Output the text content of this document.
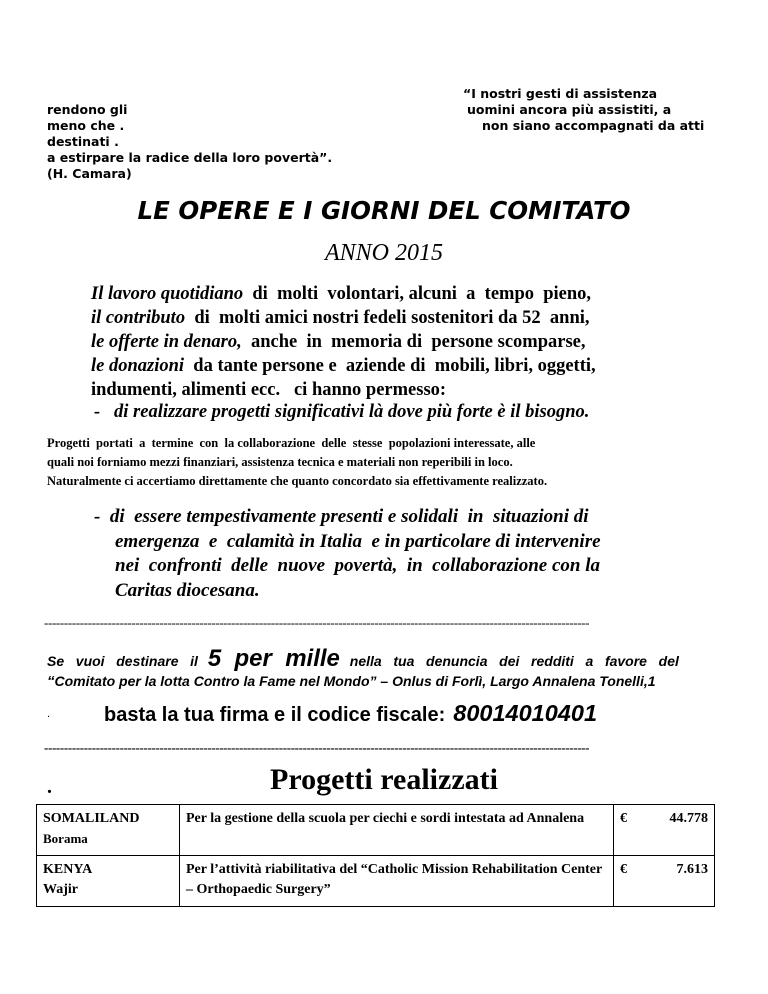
“I nostri gesti di assistenza
rendono gli	uomini ancora più assistiti, a
meno che .	non siano accompagnati da atti
destinati .
a estirpare la radice della loro povertà”.
(H. Camara)
LE OPERE E I GIORNI DEL COMITATO
ANNO 2015
Il lavoro quotidiano  di  molti  volontari, alcuni  a  tempo  pieno,
il contributo  di  molti amici nostri fedeli sostenitori da 52  anni,
le offerte in denaro,  anche  in  memoria di  persone scomparse,
le donazioni  da tante persone e  aziende di  mobili, libri, oggetti,
indumenti, alimenti ecc.   ci hanno permesso:
-   di realizzare progetti significativi là dove più forte è il bisogno.
Progetti  portati  a  termine  con  la collaborazione  delle  stesse  popolazioni interessate, alle
quali noi forniamo mezzi finanziari, assistenza tecnica e materiali non reperibili in loco.
Naturalmente ci accertiamo direttamente che quanto concordato sia effettivamente realizzato.
-  di  essere tempestivamente presenti e solidali  in  situazioni di
emergenza  e  calamità in Italia  e in particolare di intervenire
nei  confronti  delle  nuove  povertà,  in  collaborazione con la
Caritas diocesana.
-----------------------------------------------------------------------------------------------------------------------------------------
Se   vuoi   destinare   il 5  per  mille nella   tua   denuncia   dei   redditi   a   favore   del
“Comitato per la lotta Contro la Fame nel Mondo” – Onlus di Forlì, Largo Annalena Tonelli,1
.	basta la tua firma e il codice fiscale: 80014010401
-----------------------------------------------------------------------------------------------------------------------------------------
.	Progetti realizzati
SOMALILAND
Borama	Per la gestione della scuola per ciechi e sordi intestata ad Annalena	€	44.778

KENYA
Wajir	Per l’attività riabilitativa del “Catholic Mission Rehabilitation Center – Orthopaedic Surgery”	€	7.613
